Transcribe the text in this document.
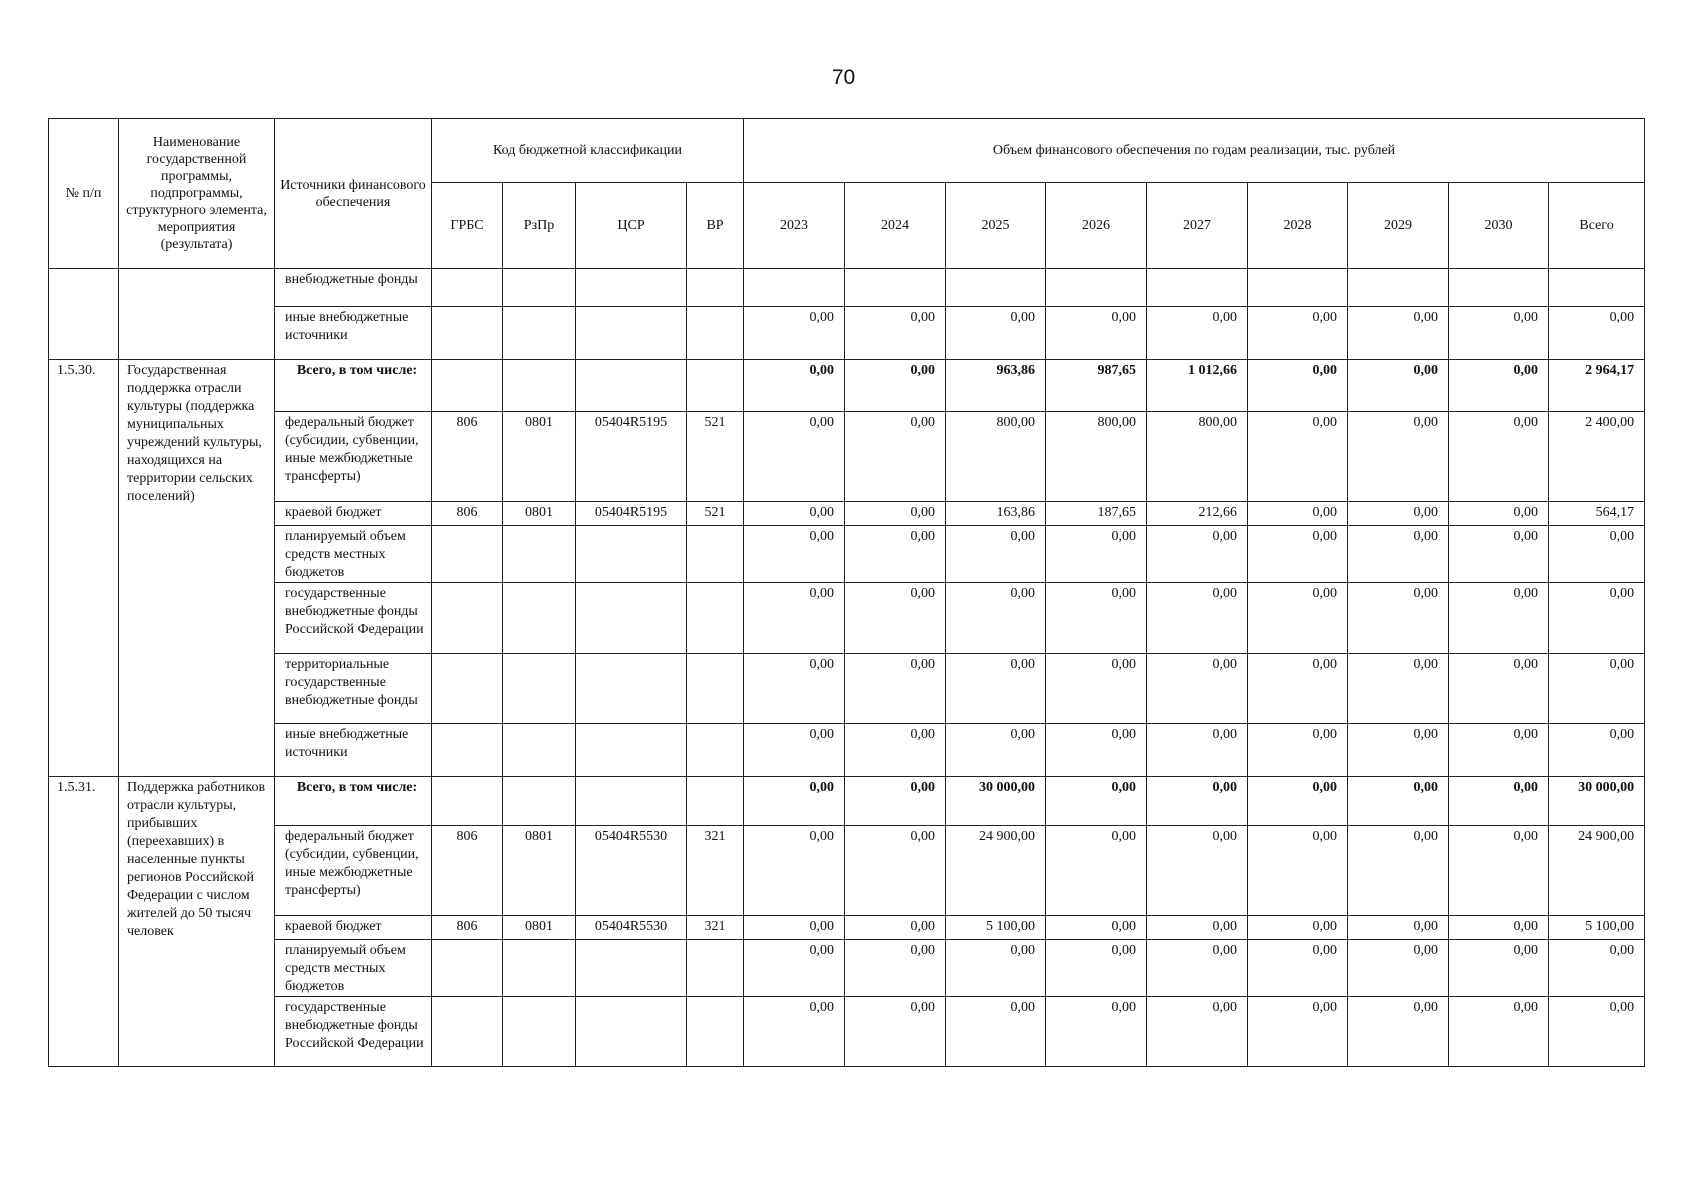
70
№ п/п	Наименование государственной программы, подпрограммы, структурного элемента, мероприятия (результата)	Источники финансового обеспечения	Код бюджетной классификации				Объем финансового обеспечения по годам реализации, тыс. рублей								
			ГРБС	РзПр	ЦСР	ВР	2023	2024	2025	2026	2027	2028	2029	2030	Всего
		внебюджетные фонды													
		иные внебюджетные источники					0,00	0,00	0,00	0,00	0,00	0,00	0,00	0,00	0,00
1.5.30.	Государственная поддержка отрасли культуры (поддержка муниципальных учреждений культуры, находящихся на территории сельских поселений)	Всего, в том числе:					0,00	0,00	963,86	987,65	1 012,66	0,00	0,00	0,00	2 964,17
		федеральный бюджет (субсидии, субвенции, иные межбюджетные трансферты)	806	0801	05404R5195	521	0,00	0,00	800,00	800,00	800,00	0,00	0,00	0,00	2 400,00
		краевой бюджет	806	0801	05404R5195	521	0,00	0,00	163,86	187,65	212,66	0,00	0,00	0,00	564,17
		планируемый объем средств местных бюджетов					0,00	0,00	0,00	0,00	0,00	0,00	0,00	0,00	0,00
		государственные внебюджетные фонды Российской Федерации					0,00	0,00	0,00	0,00	0,00	0,00	0,00	0,00	0,00
		территориальные государственные внебюджетные фонды					0,00	0,00	0,00	0,00	0,00	0,00	0,00	0,00	0,00
		иные внебюджетные источники					0,00	0,00	0,00	0,00	0,00	0,00	0,00	0,00	0,00
1.5.31.	Поддержка работников отрасли культуры, прибывших (переехавших) в населенные пункты регионов Российской Федерации с числом жителей до 50 тысяч человек	Всего, в том числе:					0,00	0,00	30 000,00	0,00	0,00	0,00	0,00	0,00	30 000,00
		федеральный бюджет (субсидии, субвенции, иные межбюджетные трансферты)	806	0801	05404R5530	321	0,00	0,00	24 900,00	0,00	0,00	0,00	0,00	0,00	24 900,00
		краевой бюджет	806	0801	05404R5530	321	0,00	0,00	5 100,00	0,00	0,00	0,00	0,00	0,00	5 100,00
		планируемый объем средств местных бюджетов					0,00	0,00	0,00	0,00	0,00	0,00	0,00	0,00	0,00
		государственные внебюджетные фонды Российской Федерации					0,00	0,00	0,00	0,00	0,00	0,00	0,00	0,00	0,00
